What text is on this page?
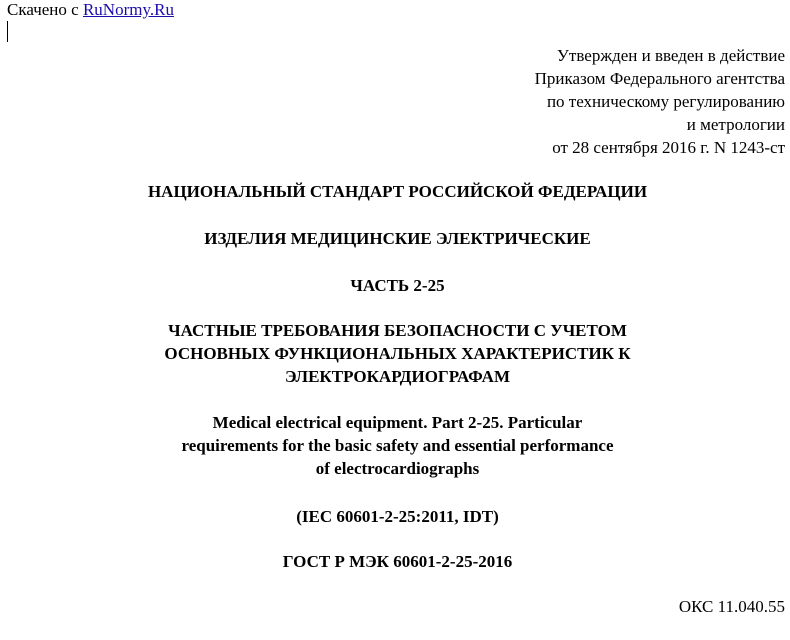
Скачено с RuNormy.Ru
Утвержден и введен в действие
Приказом Федерального агентства
по техническому регулированию
и метрологии
от 28 сентября 2016 г. N 1243-ст
НАЦИОНАЛЬНЫЙ СТАНДАРТ РОССИЙСКОЙ ФЕДЕРАЦИИ
ИЗДЕЛИЯ МЕДИЦИНСКИЕ ЭЛЕКТРИЧЕСКИЕ
ЧАСТЬ 2-25
ЧАСТНЫЕ ТРЕБОВАНИЯ БЕЗОПАСНОСТИ С УЧЕТОМ
ОСНОВНЫХ ФУНКЦИОНАЛЬНЫХ ХАРАКТЕРИСТИК К
ЭЛЕКТРОКАРДИОГРАФАМ
Medical electrical equipment. Part 2-25. Particular
requirements for the basic safety and essential performance
of electrocardiographs
(IEC 60601-2-25:2011, IDT)
ГОСТ Р МЭК 60601-2-25-2016
ОКС 11.040.55
